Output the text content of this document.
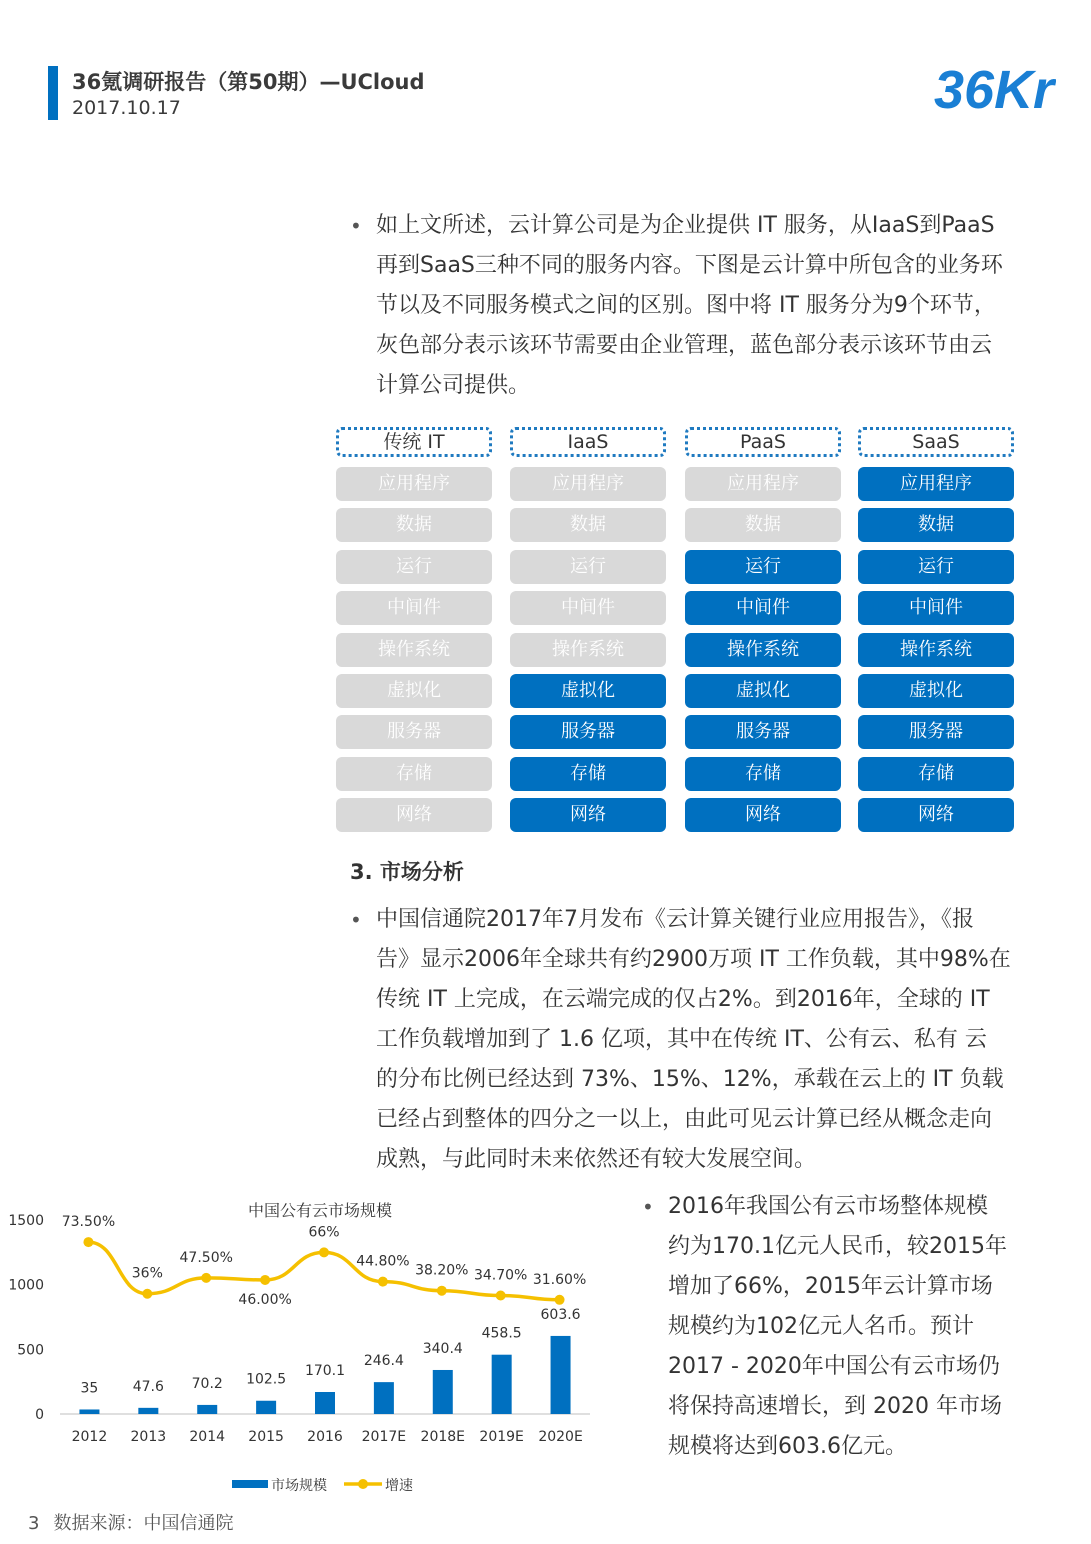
36氪调研报告（第50期）—UCloud
2017.10.17	36Kr
• 如上文所述，云计算公司是为企业提供 IT 服务，从IaaS到PaaS
再到SaaS三种不同的服务内容。下图是云计算中所包含的业务环
节以及不同服务模式之间的区别。图中将 IT 服务分为9个环节，
灰色部分表示该环节需要由企业管理，蓝色部分表示该环节由云
计算公司提供。
传统 IT
应用程序
数据
运行
中间件
操作系统
虚拟化
服务器
存储
网络
IaaS
应用程序
数据
运行
中间件
操作系统
虚拟化
服务器
存储
网络
PaaS
应用程序
数据
运行
中间件
操作系统
虚拟化
服务器
存储
网络
SaaS
应用程序
数据
运行
中间件
操作系统
虚拟化
服务器
存储
网络
3. 市场分析
• 中国信通院2017年7月发布《云计算关键行业应用报告》，《报
告》显示2006年全球共有约2900万项 IT 工作负载，其中98%在
传统 IT 上完成，在云端完成的仅占2%。到2016年，全球的 IT
工作负载增加到了 1.6 亿项，其中在传统 IT、公有云、私有 云
的分布比例已经达到 73%、15%、12%，承载在云上的 IT 负载
已经占到整体的四分之一以上，由此可见云计算已经从概念走向
成熟，与此同时未来依然还有较大发展空间。
中国公有云市场规模
1500
1000
500
0
35 47.6 70.2 102.5
170.1
246.4
340.4
458.5
603.6
2012 2013 2014 2015 2016 2017E 2018E 2019E 2020E
73.50%
36%
47.50%
46.00%
66%
44.80%
38.20% 34.70% 31.60%
市场规模	增速
• 2016年我国公有云市场整体规模
约为170.1亿元人民币，较2015年
增加了66%，2015年云计算市场
规模约为102亿元人名币。预计
2017 - 2020年中国公有云市场仍
将保持高速增长，到 2020 年市场
规模将达到603.6亿元。
3 数据来源：中国信通院
